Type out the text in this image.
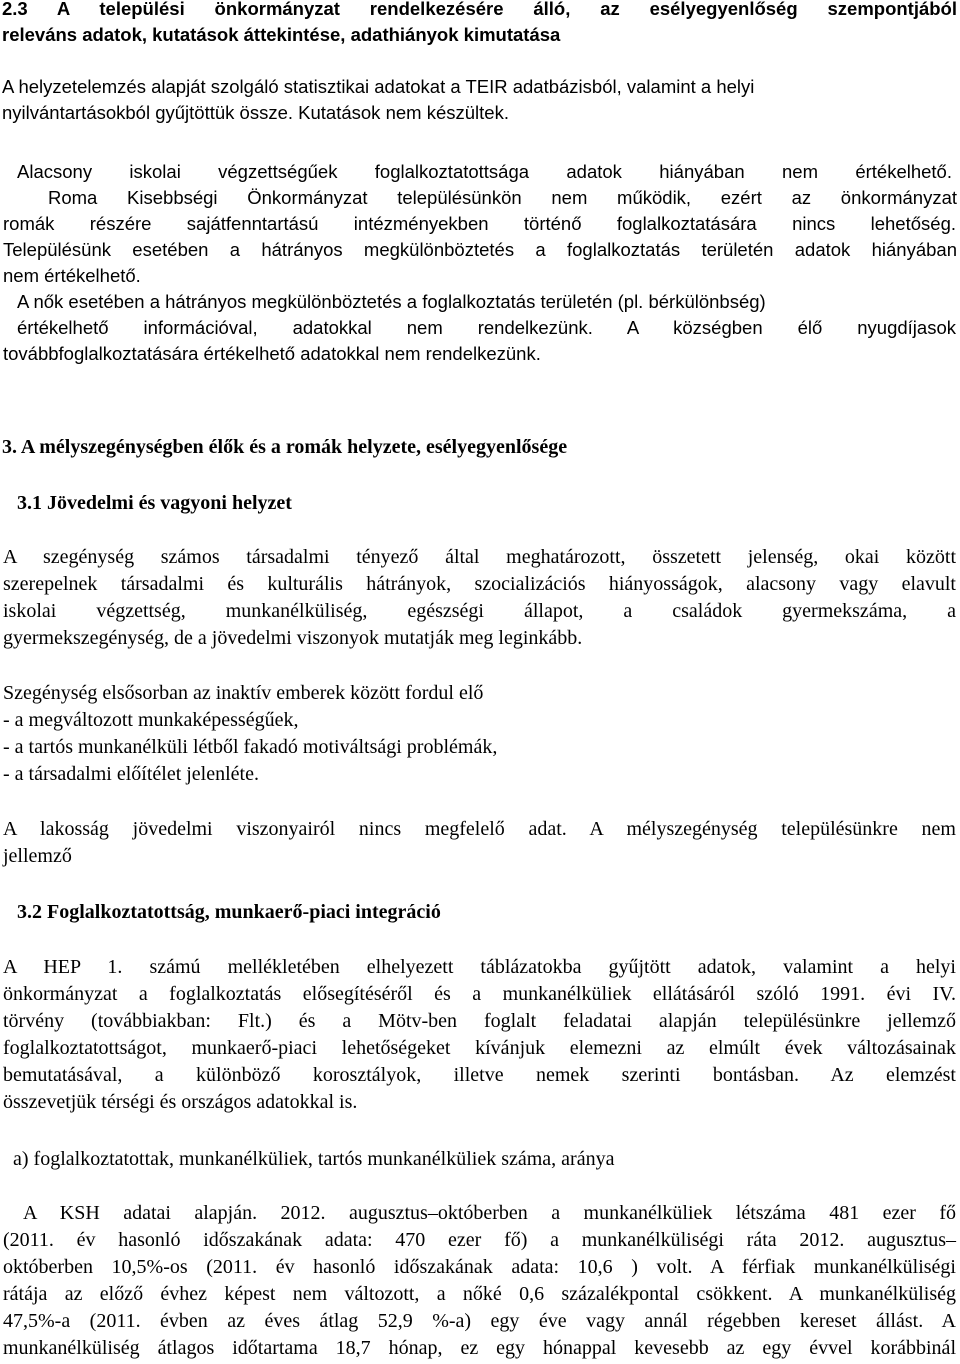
2.3 A települési önkormányzat rendelkezésére álló, az esélyegyenlőség szempontjából
releváns adatok, kutatások áttekintése, adathiányok kimutatása
A helyzetelemzés alapját szolgáló statisztikai adatokat a TEIR adatbázisból, valamint a helyi
nyilvántartásokból gyűjtöttük össze. Kutatások nem készültek.
Alacsony iskolai végzettségűek foglalkoztatottsága adatok hiányában nem értékelhető.
Roma Kisebbségi Önkormányzat településünkön nem működik, ezért az önkormányzat
romák részére sajátfenntartású intézményekben történő foglalkoztatására nincs lehetőség.
Településünk esetében a hátrányos megkülönböztetés a foglalkoztatás területén adatok hiányában
nem értékelhető.
A nők esetében a hátrányos megkülönböztetés a foglalkoztatás területén (pl. bérkülönbség)
értékelhető információval, adatokkal nem rendelkezünk. A községben élő nyugdíjasok
továbbfoglalkoztatására értékelhető adatokkal nem rendelkezünk.
3. A mélyszegénységben élők és a romák helyzete, esélyegyenlősége
3.1 Jövedelmi és vagyoni helyzet
A szegénység számos társadalmi tényező által meghatározott, összetett jelenség, okai között
szerepelnek társadalmi és kulturális hátrányok, szocializációs hiányosságok, alacsony vagy elavult
iskolai végzettség, munkanélküliség, egészségi állapot, a családok gyermekszáma, a
gyermekszegénység, de a jövedelmi viszonyok mutatják meg leginkább.
Szegénység elsősorban az inaktív emberek között fordul elő
- a megváltozott munkaképességűek,
- a tartós munkanélküli létből fakadó motiváltsági problémák,
- a társadalmi előítélet jelenléte.
A lakosság jövedelmi viszonyairól nincs megfelelő adat. A mélyszegénység településünkre nem
jellemző
3.2 Foglalkoztatottság, munkaerő-piaci integráció
A HEP 1. számú mellékletében elhelyezett táblázatokba gyűjtött adatok, valamint a helyi
önkormányzat a foglalkoztatás elősegítéséről és a munkanélküliek ellátásáról szóló 1991. évi IV.
törvény (továbbiakban: Flt.) és a Mötv-ben foglalt feladatai alapján településünkre jellemző
foglalkoztatottságot, munkaerő-piaci lehetőségeket kívánjuk elemezni az elmúlt évek változásainak
bemutatásával, a különböző korosztályok, illetve nemek szerinti bontásban. Az elemzést
összevetjük térségi és országos adatokkal is.
a) foglalkoztatottak, munkanélküliek, tartós munkanélküliek száma, aránya
A KSH adatai alapján. 2012. augusztus–októberben a munkanélküliek létszáma 481 ezer fő
(2011. év hasonló időszakának adata: 470 ezer fő) a munkanélküliségi ráta 2012. augusztus–
októberben 10,5%-os (2011. év hasonló időszakának adata: 10,6 ) volt. A férfiak munkanélküliségi
rátája az előző évhez képest nem változott, a nőké 0,6 százalékpontal csökkent. A munkanélküliség
47,5%-a (2011. évben az éves átlag 52,9 %-a) egy éve vagy annál régebben kereset állást. A
munkanélküliség átlagos időtartama 18,7 hónap, ez egy hónappal kevesebb az egy évvel korábbinál
